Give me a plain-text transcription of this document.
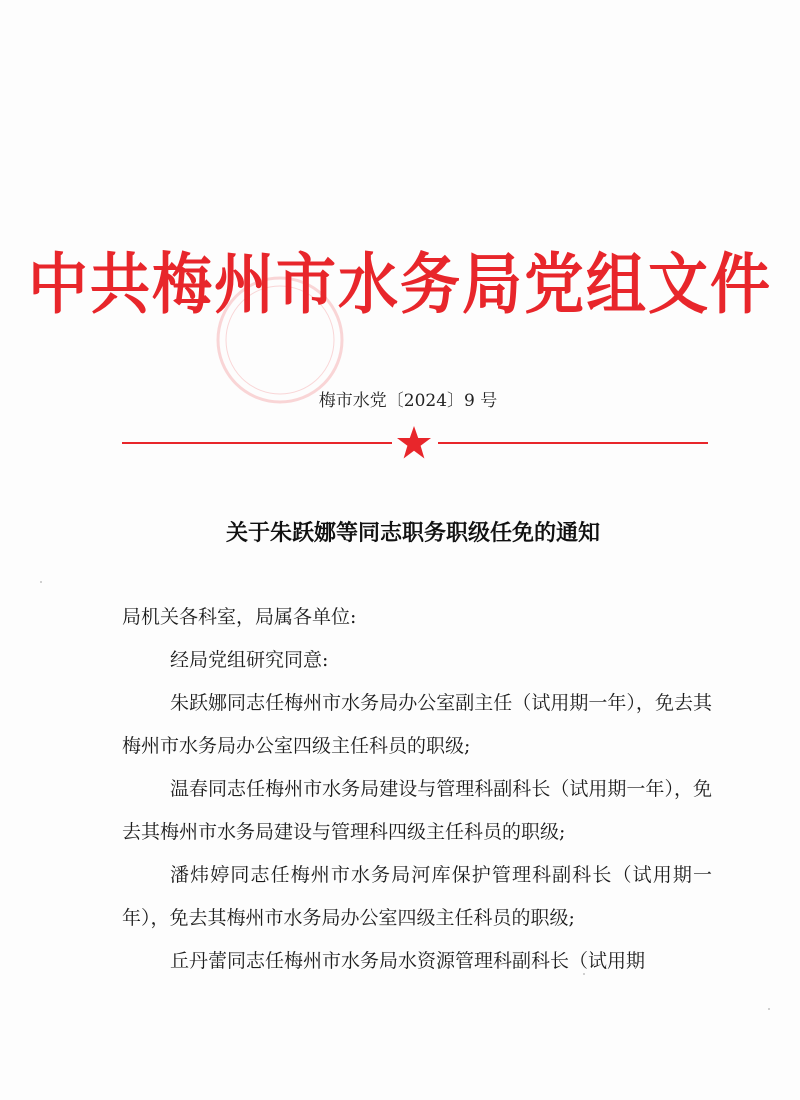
中共梅州市水务局党组文件
梅市水党〔2024〕9 号
关于朱跃娜等同志职务职级任免的通知

局机关各科室，局属各单位:

经局党组研究同意:

朱跃娜同志任梅州市水务局办公室副主任（试用期一年），免去其梅州市水务局办公室四级主任科员的职级;

温春同志任梅州市水务局建设与管理科副科长（试用期一年），免去其梅州市水务局建设与管理科四级主任科员的职级;

潘炜婷同志任梅州市水务局河库保护管理科副科长（试用期一年），免去其梅州市水务局办公室四级主任科员的职级;

丘丹蕾同志任梅州市水务局水资源管理科副科长（试用期
